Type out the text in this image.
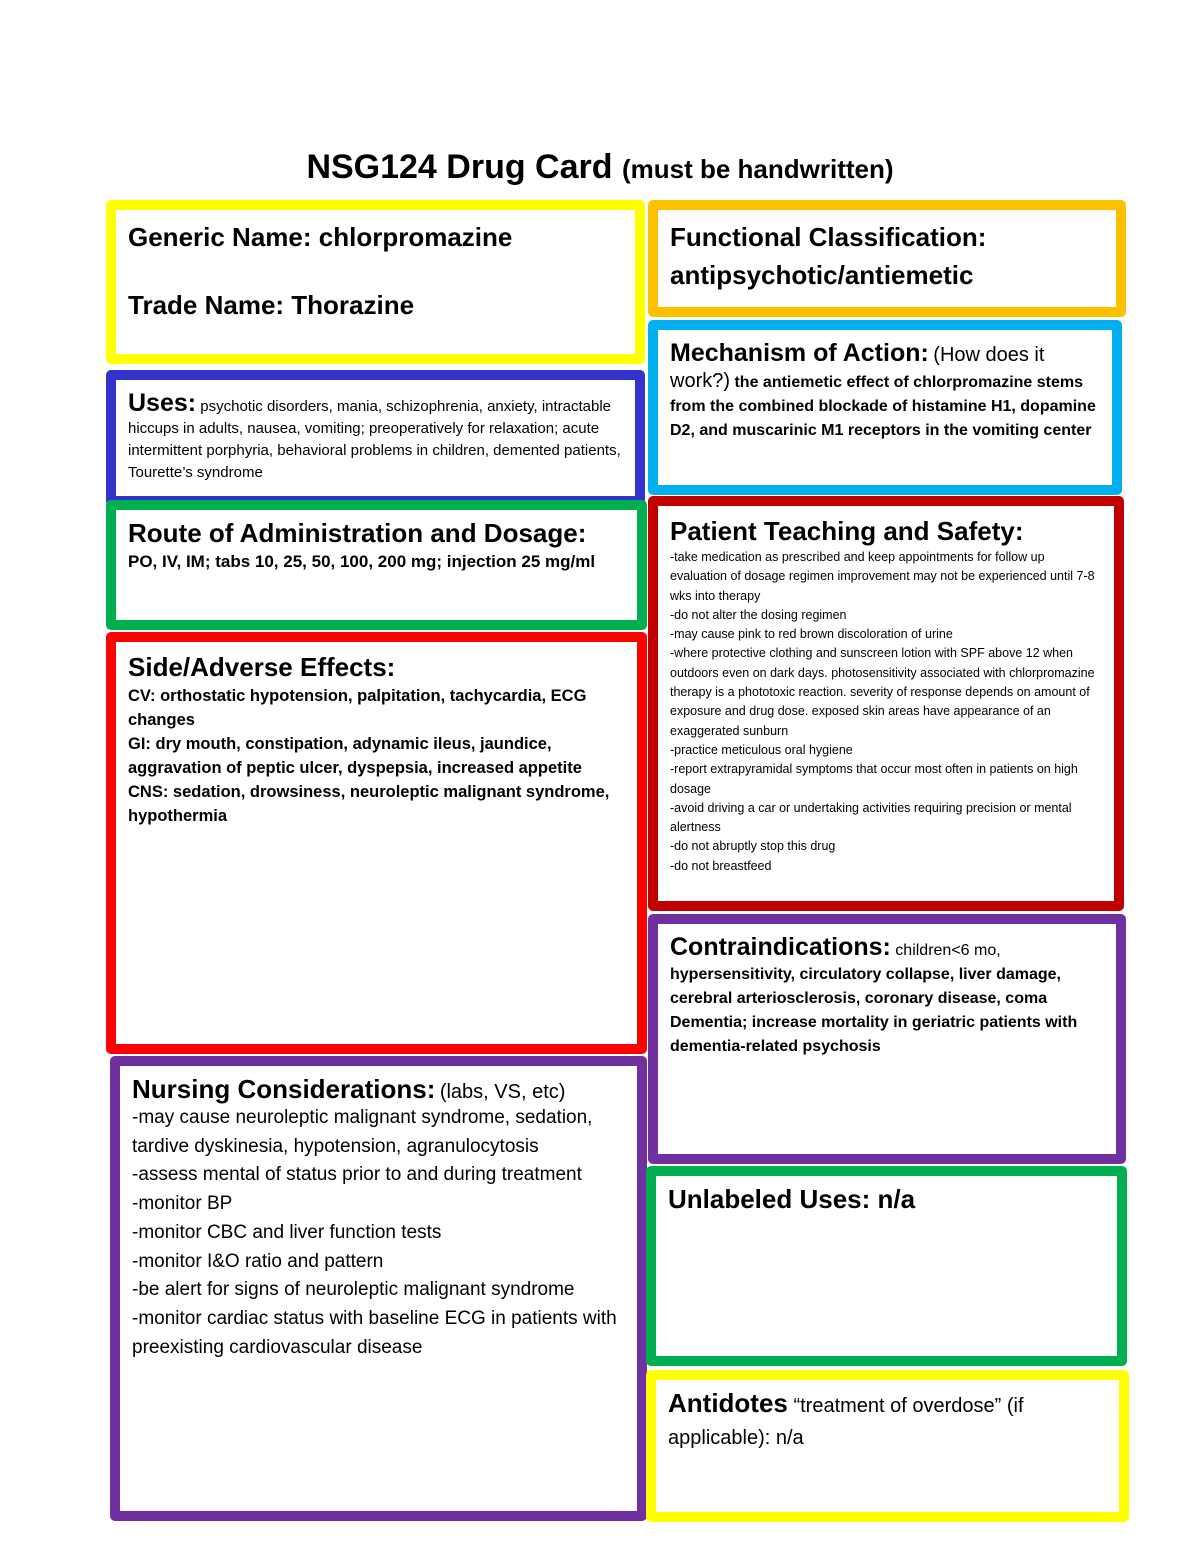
NSG124 Drug Card (must be handwritten)
Generic Name: chlorpromazine
Trade Name: Thorazine
Functional Classification:
antipsychotic/antiemetic
Uses: psychotic disorders, mania, schizophrenia, anxiety, intractable hiccups in adults, nausea, vomiting; preoperatively for relaxation; acute intermittent porphyria, behavioral problems in children, demented patients, Tourette’s syndrome
Mechanism of Action: (How does it work?) the antiemetic effect of chlorpromazine stems from the combined blockade of histamine H1, dopamine D2, and muscarinic M1 receptors in the vomiting center
Route of Administration and Dosage:
PO, IV, IM; tabs 10, 25, 50, 100, 200 mg; injection 25 mg/ml
Patient Teaching and Safety:
-take medication as prescribed and keep appointments for follow up evaluation of dosage regimen improvement may not be experienced until 7-8 wks into therapy
-do not alter the dosing regimen
-may cause pink to red brown discoloration of urine
-where protective clothing and sunscreen lotion with SPF above 12 when outdoors even on dark days. photosensitivity associated with chlorpromazine therapy is a phototoxic reaction. severity of response depends on amount of exposure and drug dose. exposed skin areas have appearance of an exaggerated sunburn
-practice meticulous oral hygiene
-report extrapyramidal symptoms that occur most often in patients on high dosage
-avoid driving a car or undertaking activities requiring precision or mental alertness
-do not abruptly stop this drug
-do not breastfeed
Side/Adverse Effects:
CV: orthostatic hypotension, palpitation, tachycardia, ECG changes
GI: dry mouth, constipation, adynamic ileus, jaundice, aggravation of peptic ulcer, dyspepsia, increased appetite
CNS: sedation, drowsiness, neuroleptic malignant syndrome, hypothermia
Contraindications: children<6 mo, hypersensitivity, circulatory collapse, liver damage, cerebral arteriosclerosis, coronary disease, coma
Dementia; increase mortality in geriatric patients with dementia-related psychosis
Nursing Considerations: (labs, VS, etc)
-may cause neuroleptic malignant syndrome, sedation, tardive dyskinesia, hypotension, agranulocytosis
-assess mental of status prior to and during treatment
-monitor BP
-monitor CBC and liver function tests
-monitor I&O ratio and pattern
-be alert for signs of neuroleptic malignant syndrome
-monitor cardiac status with baseline ECG in patients with preexisting cardiovascular disease
Unlabeled Uses: n/a
Antidotes “treatment of overdose” (if applicable): n/a
